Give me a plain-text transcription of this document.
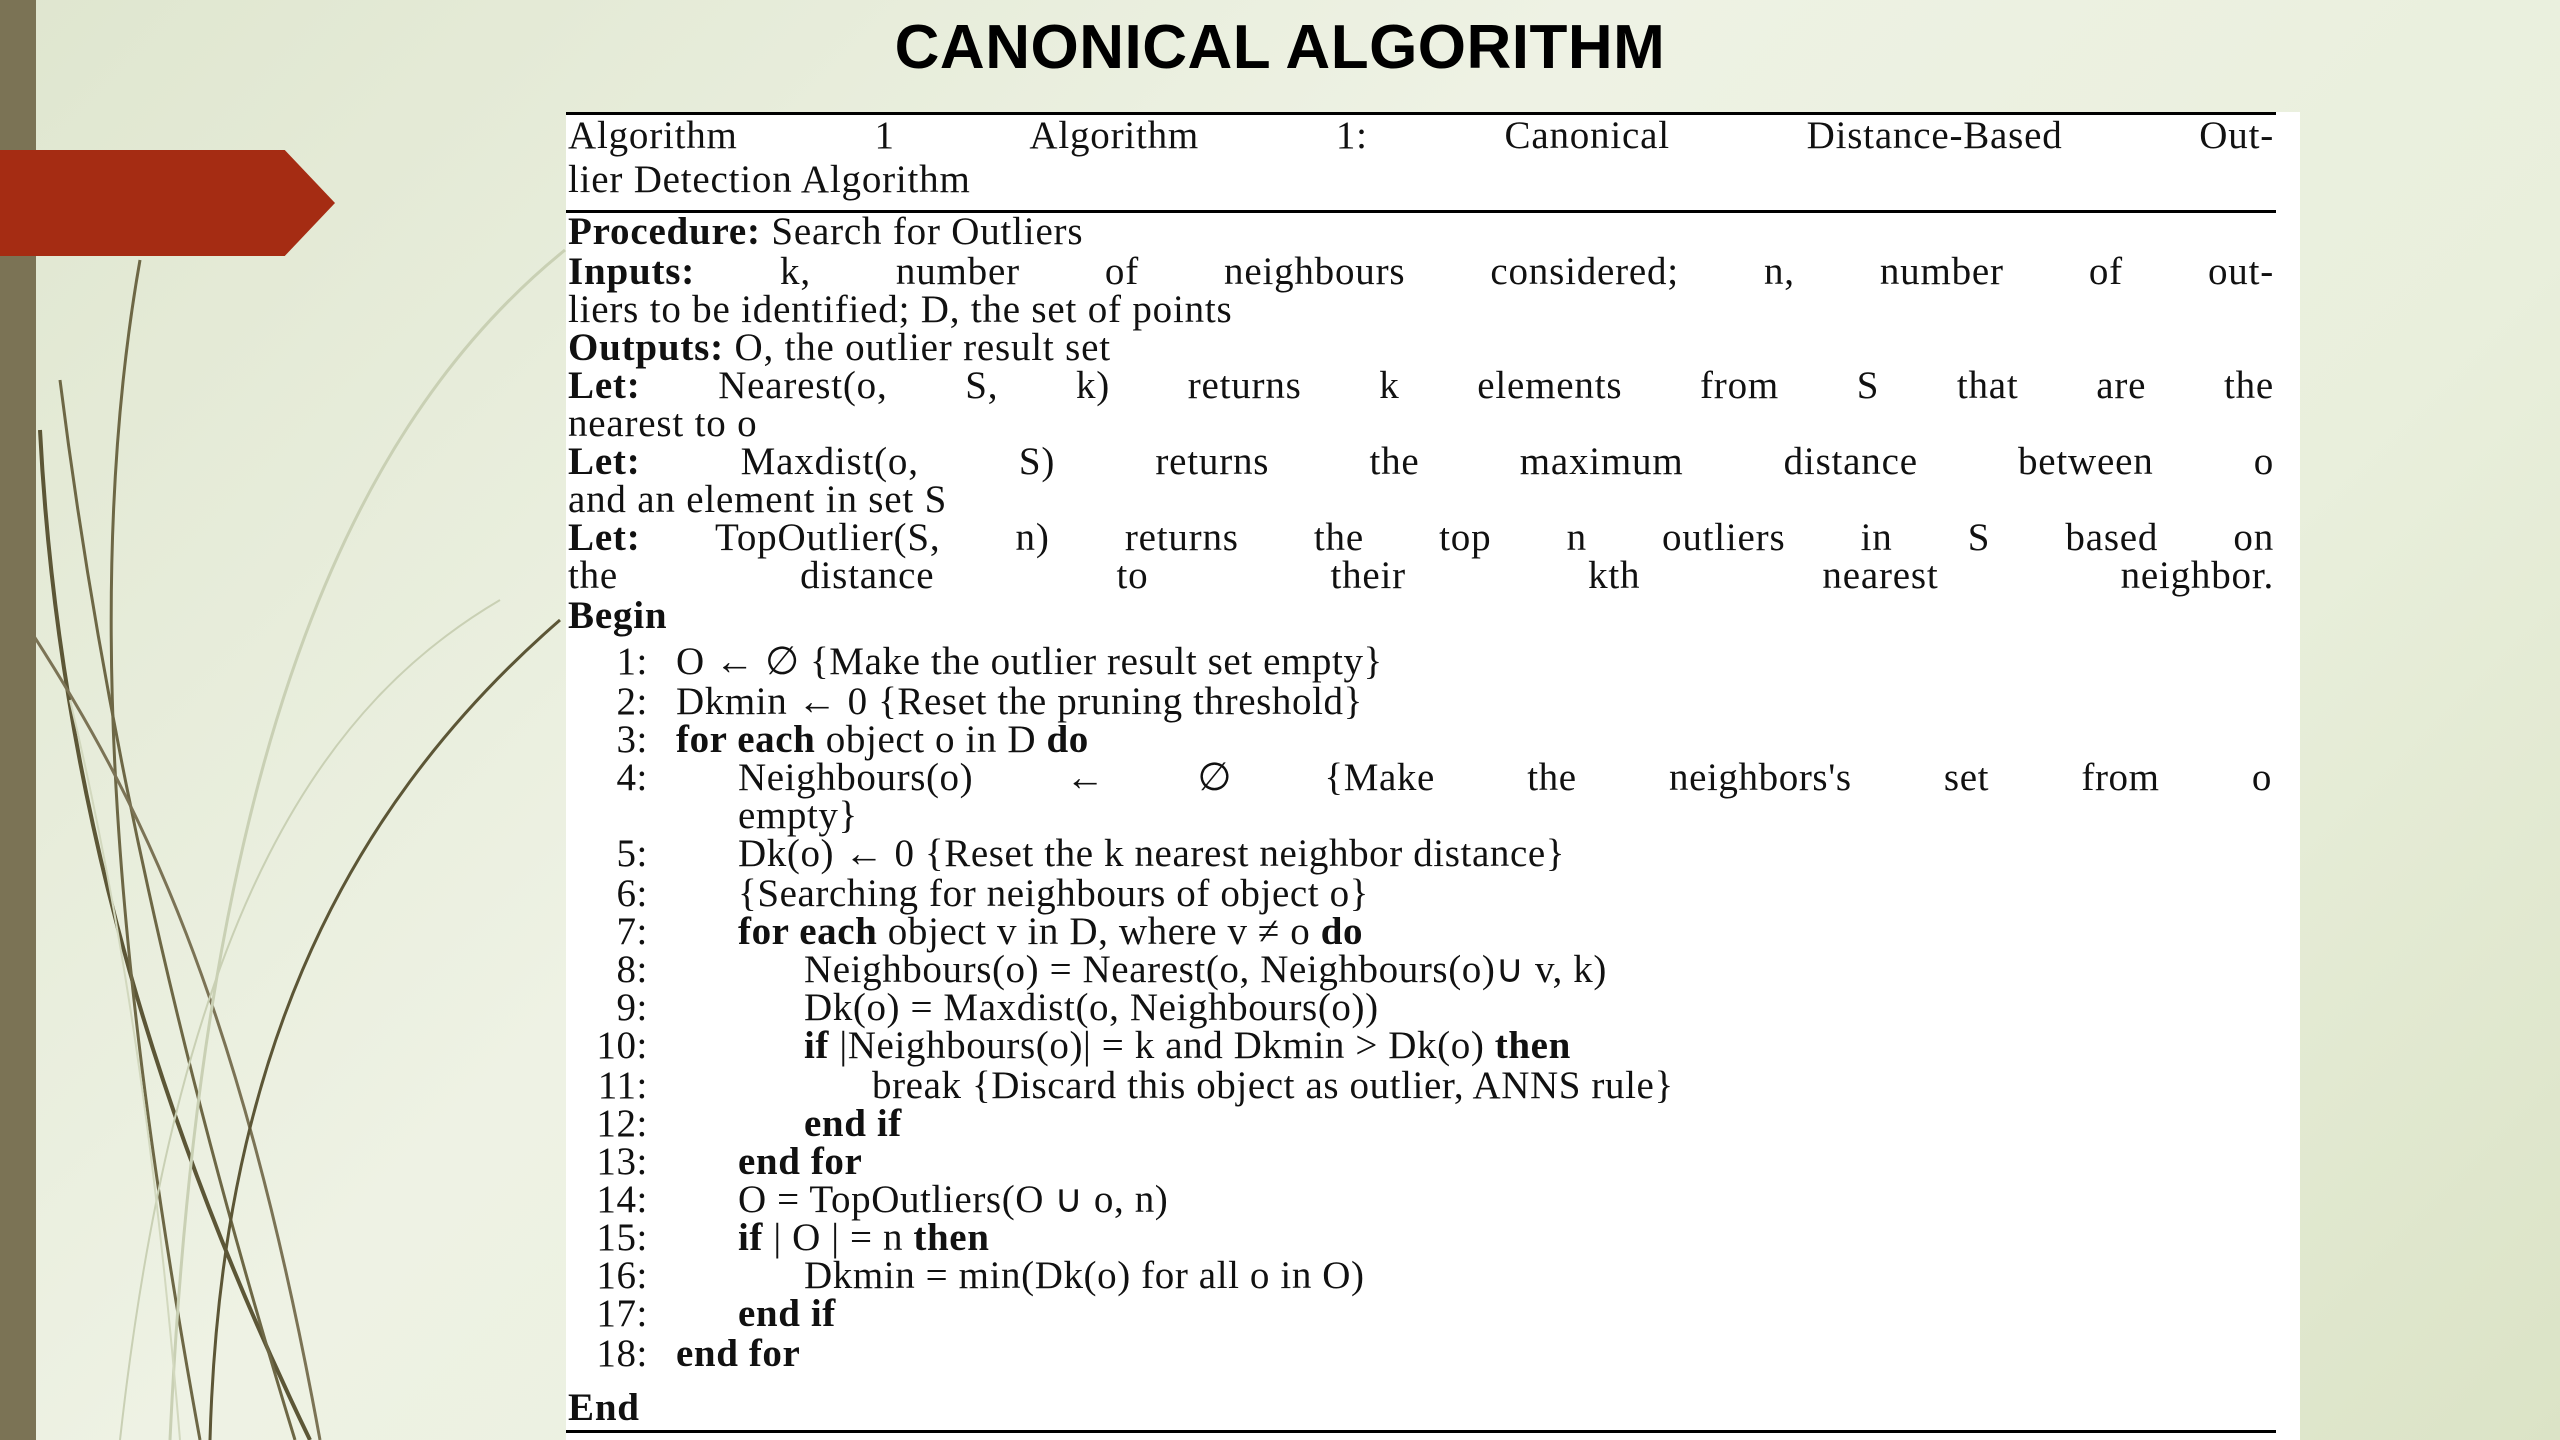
CANONICAL ALGORITHM
Algorithm 1 Algorithm 1: Canonical Distance-Based Out-
lier Detection Algorithm
Procedure: Search for Outliers
Inputs: k, number of neighbours considered; n, number of out-
liers to be identified; D, the set of points
Outputs: O, the outlier result set
Let: Nearest(o, S, k) returns k elements from S that are the
nearest to o
Let: Maxdist(o, S) returns the maximum distance between o
and an element in set S
Let: TopOutlier(S, n) returns the top n outliers in S based on
the distance to their kth nearest neighbor.
Begin
1: O ← ∅ {Make the outlier result set empty}
2: Dkmin ← 0 {Reset the pruning threshold}
3: for each object o in D do
4: Neighbours(o) ← ∅ {Make the neighbors's set from o
empty}
5: Dk(o) ← 0 {Reset the k nearest neighbor distance}
6: {Searching for neighbours of object o}
7: for each object v in D, where v ≠ o do
8:	Neighbours(o) = Nearest(o, Neighbours(o)∪ v, k)
9:	Dk(o) = Maxdist(o, Neighbours(o))
10:	if |Neighbours(o)| = k and Dkmin > Dk(o) then
11:	break {Discard this object as outlier, ANNS rule}
12:	end if
13: end for
14: O = TopOutliers(O ∪ o, n)
15: if | O | = n then
16:	Dkmin = min(Dk(o) for all o in O)
17: end if
18: end for
End
